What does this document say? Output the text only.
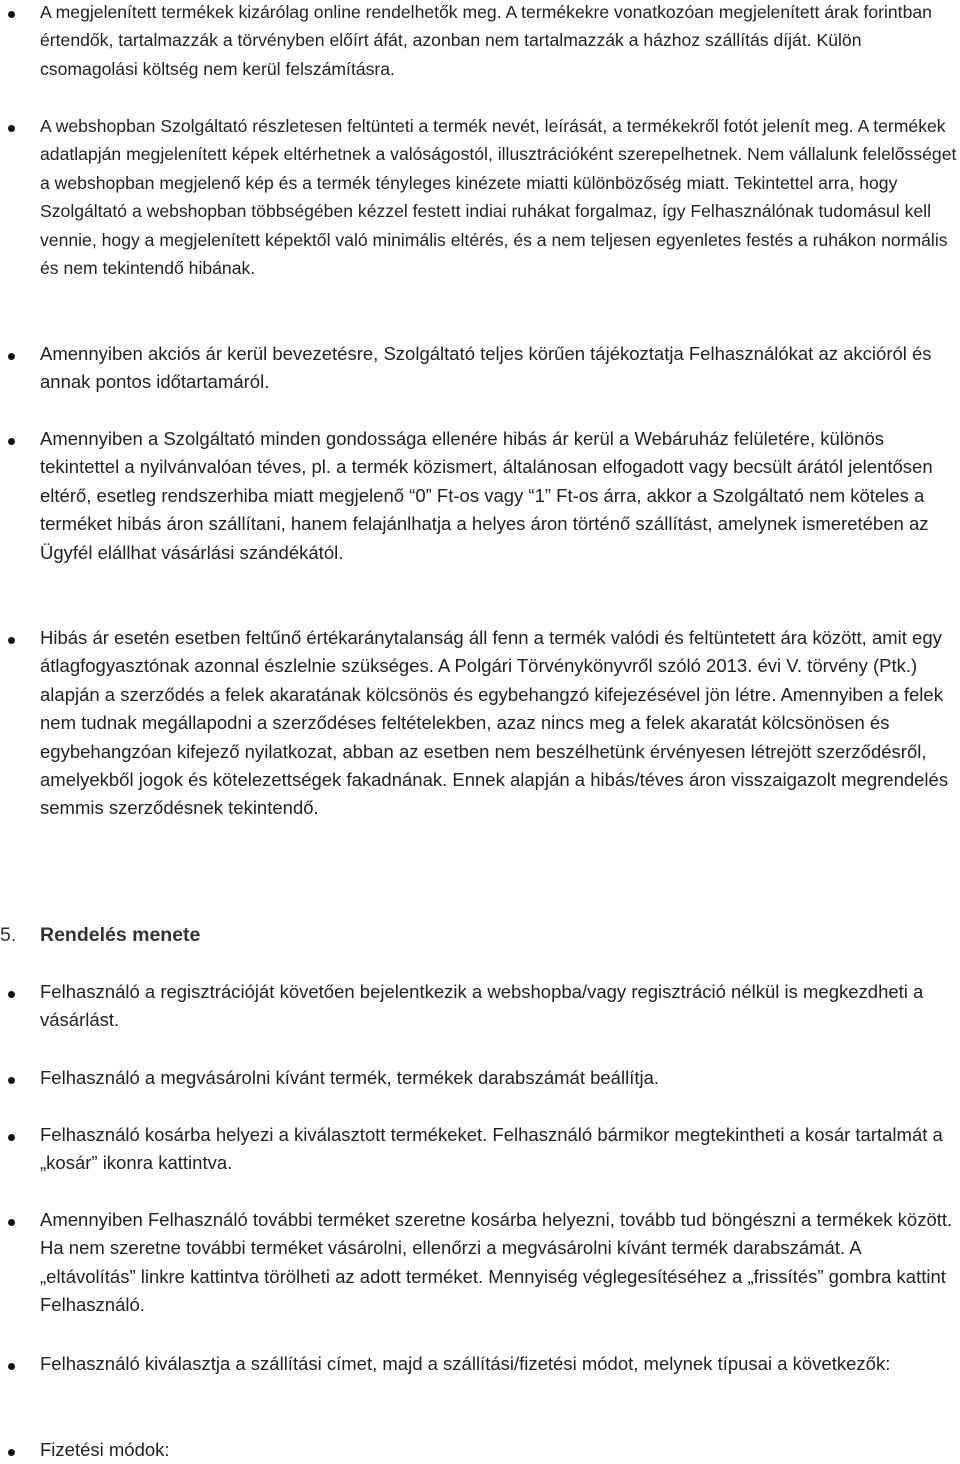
A megjelenített termékek kizárólag online rendelhetők meg. A termékekre vonatkozóan megjelenített árak forintban értendők, tartalmazzák a törvényben előírt áfát, azonban nem tartalmazzák a házhoz szállítás díját. Külön csomagolási költség nem kerül felszámításra.

A webshopban Szolgáltató részletesen feltünteti a termék nevét, leírását, a termékekről fotót jelenít meg. A termékek adatlapján megjelenített képek eltérhetnek a valóságostól, illusztrációként szerepelhetnek. Nem vállalunk felelősséget a webshopban megjelenő kép és a termék tényleges kinézete miatti különbözőség miatt. Tekintettel arra, hogy Szolgáltató a webshopban többségében kézzel festett indiai ruhákat forgalmaz, így Felhasználónak tudomásul kell vennie, hogy a megjelenített képektől való minimális eltérés, és a nem teljesen egyenletes festés a ruhákon normális és nem tekintendő hibának.

Amennyiben akciós ár kerül bevezetésre, Szolgáltató teljes körűen tájékoztatja Felhasználókat az akcióról és annak pontos időtartamáról.

Amennyiben a Szolgáltató minden gondossága ellenére hibás ár kerül a Webáruház felületére, különös tekintettel a nyilvánvalóan téves, pl. a termék közismert, általánosan elfogadott vagy becsült árától jelentősen eltérő, esetleg rendszerhiba miatt megjelenő “0” Ft-os vagy “1” Ft-os árra, akkor a Szolgáltató nem köteles a terméket hibás áron szállítani, hanem felajánlhatja a helyes áron történő szállítást, amelynek ismeretében az Ügyfél elállhat vásárlási szándékától.

Hibás ár esetén esetben feltűnő értékaránytalanság áll fenn a termék valódi és feltüntetett ára között, amit egy átlagfogyasztónak azonnal észlelnie szükséges. A Polgári Törvénykönyvről szóló 2013. évi V. törvény (Ptk.) alapján a szerződés a felek akaratának kölcsönös és egybehangzó kifejezésével jön létre. Amennyiben a felek nem tudnak megállapodni a szerződéses feltételekben, azaz nincs meg a felek akaratát kölcsönösen és egybehangzóan kifejező nyilatkozat, abban az esetben nem beszélhetünk érvényesen létrejött szerződésről, amelyekből jogok és kötelezettségek fakadnának. Ennek alapján a hibás/téves áron visszaigazolt megrendelés semmis szerződésnek tekintendő.

5. Rendelés menete

Felhasználó a regisztrációját követően bejelentkezik a webshopba/vagy regisztráció nélkül is megkezdheti a vásárlást.

Felhasználó a megvásárolni kívánt termék, termékek darabszámát beállítja.

Felhasználó kosárba helyezi a kiválasztott termékeket. Felhasználó bármikor megtekintheti a kosár tartalmát a „kosár” ikonra kattintva.

Amennyiben Felhasználó további terméket szeretne kosárba helyezni, tovább tud böngészni a termékek között. Ha nem szeretne további terméket vásárolni, ellenőrzi a megvásárolni kívánt termék darabszámát. A „eltávolítás” linkre kattintva törölheti az adott terméket. Mennyiség véglegesítéséhez a „frissítés” gombra kattint Felhasználó.

Felhasználó kiválasztja a szállítási címet, majd a szállítási/fizetési módot, melynek típusai a következők:

Fizetési módok:
